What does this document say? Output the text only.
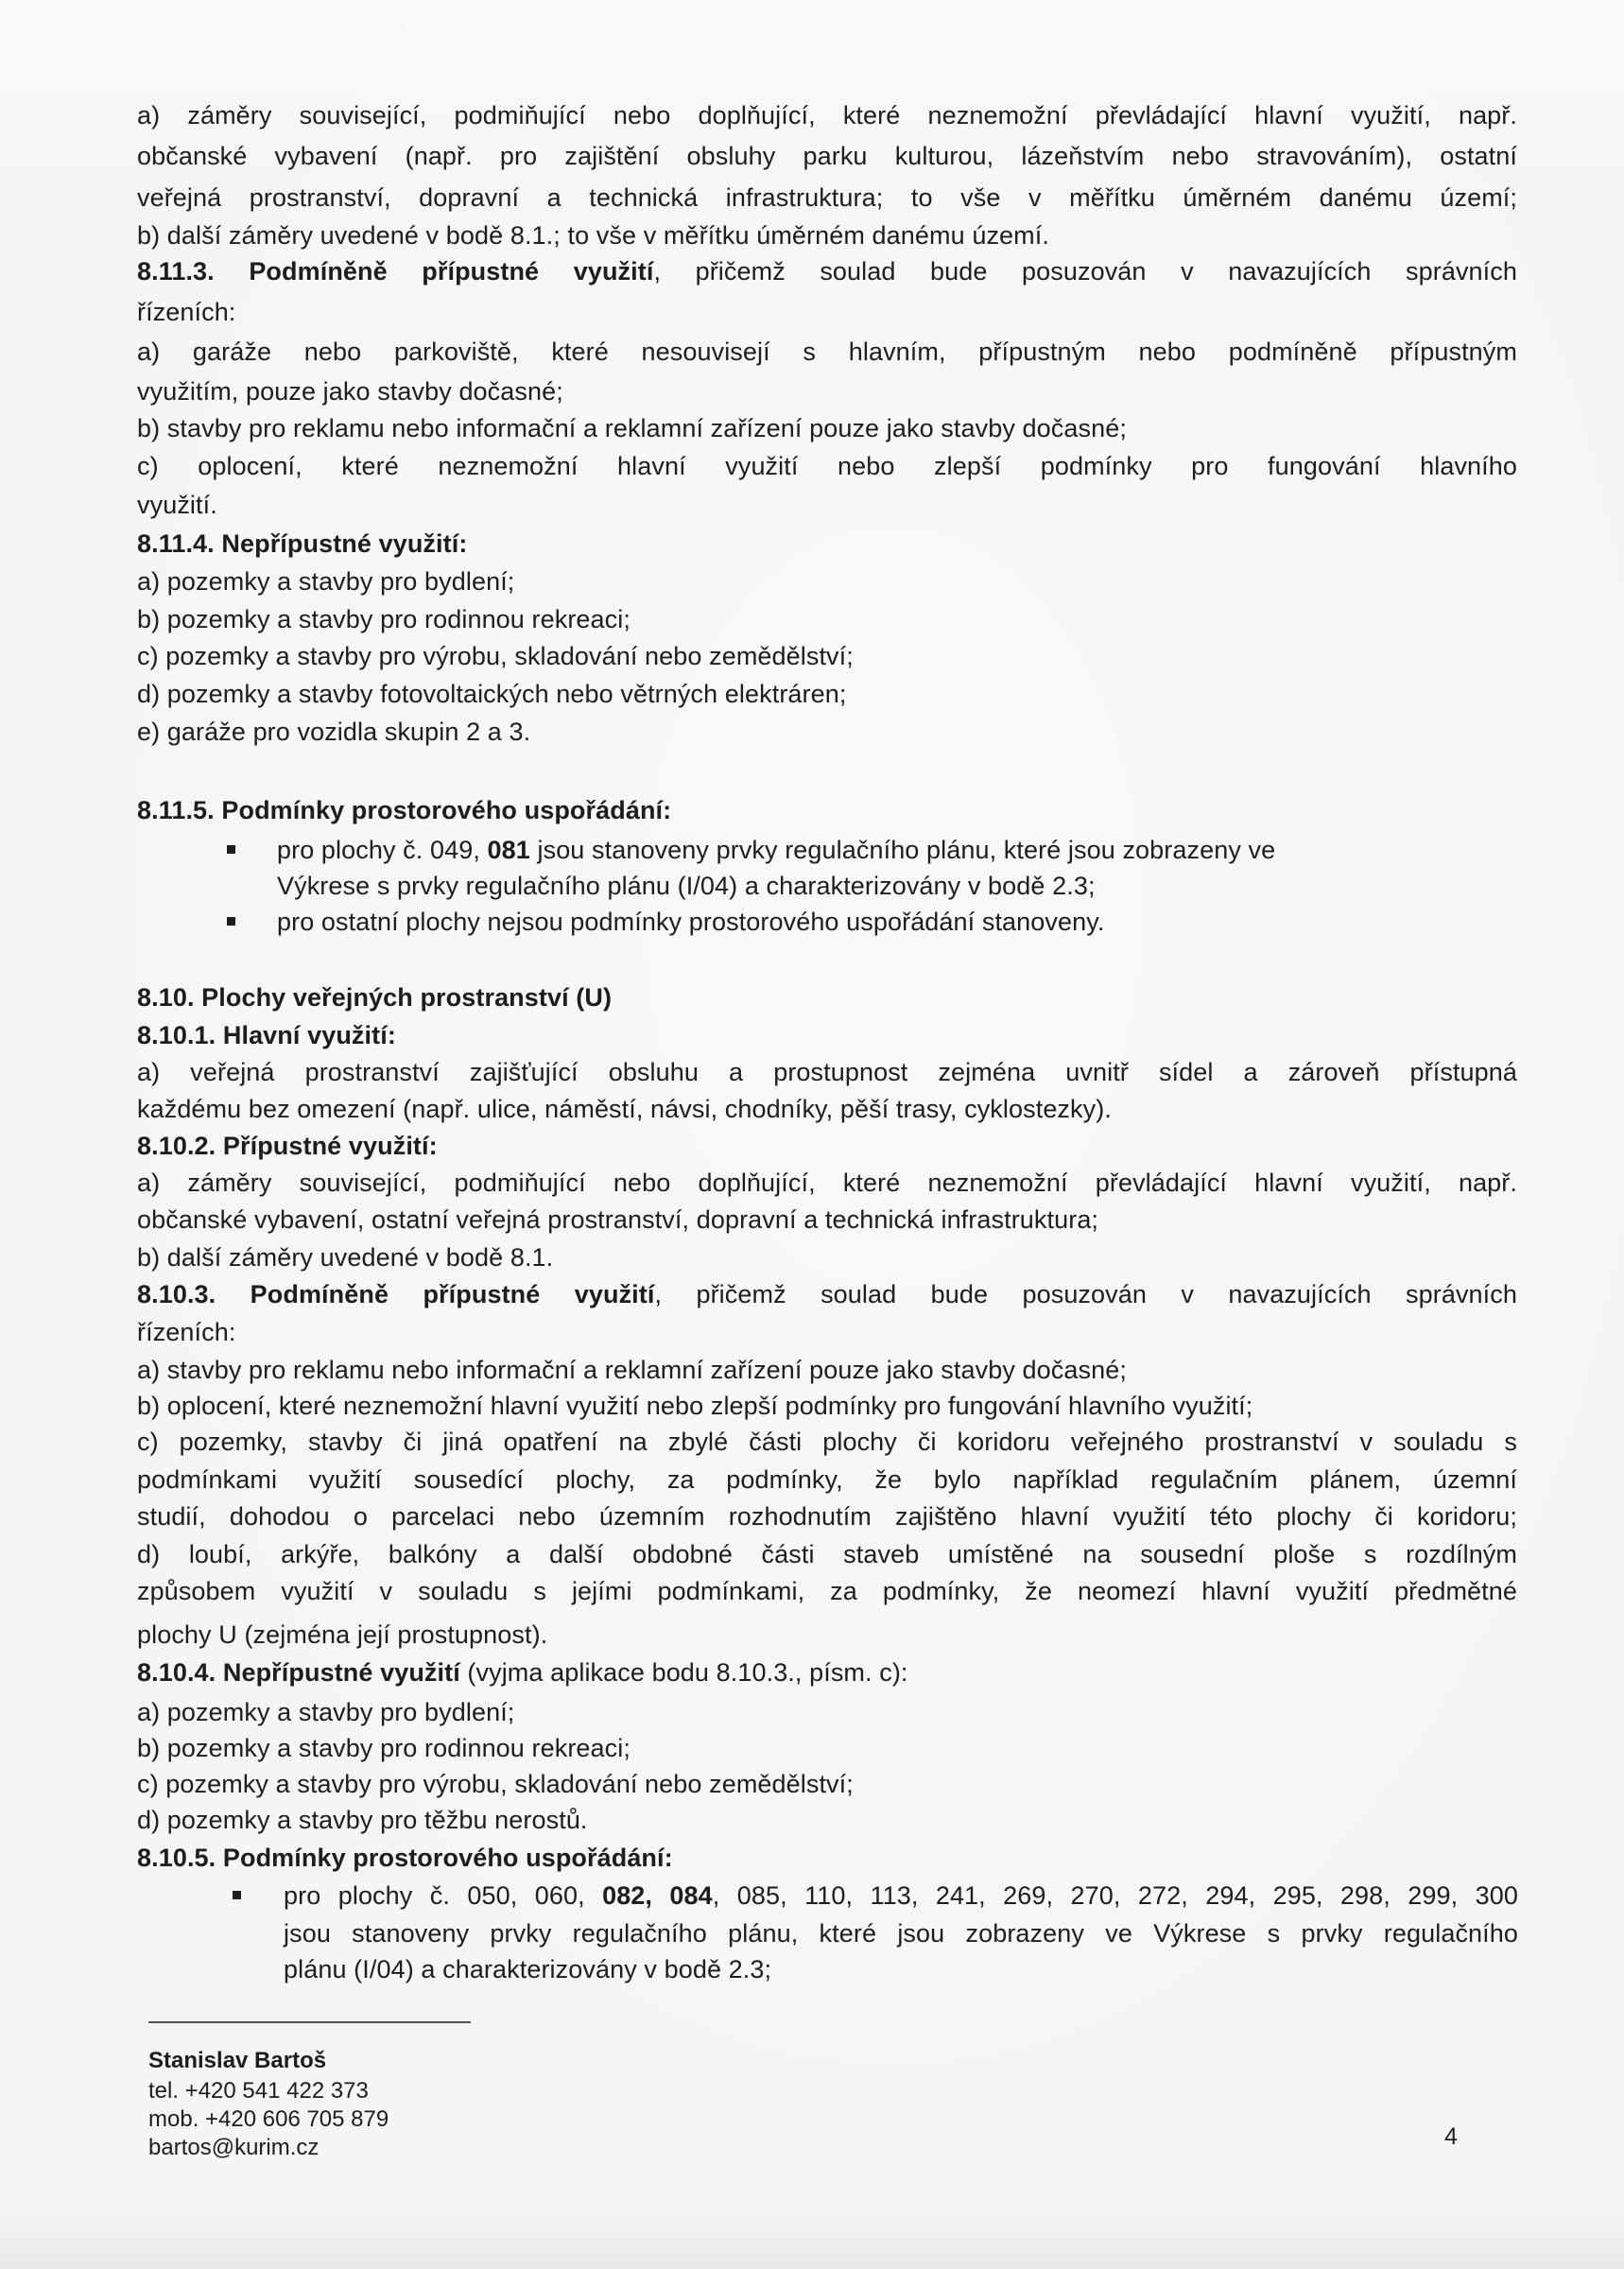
a) záměry související, podmiňující nebo doplňující, které neznemožní převládající hlavní využití, např.
občanské vybavení (např. pro zajištění obsluhy parku kulturou, lázeňstvím nebo stravováním), ostatní
veřejná prostranství, dopravní a technická infrastruktura; to vše v měřítku úměrném danému území;
b) další záměry uvedené v bodě 8.1.; to vše v měřítku úměrném danému území.
8.11.3. Podmíněně přípustné využití, přičemž soulad bude posuzován v navazujících správních
řízeních:
a) garáže nebo parkoviště, které nesouvisejí s hlavním, přípustným nebo podmíněně přípustným
využitím, pouze jako stavby dočasné;
b) stavby pro reklamu nebo informační a reklamní zařízení pouze jako stavby dočasné;
c) oplocení, které neznemožní hlavní využití nebo zlepší podmínky pro fungování hlavního
využití.
8.11.4. Nepřípustné využití:
a) pozemky a stavby pro bydlení;
b) pozemky a stavby pro rodinnou rekreaci;
c) pozemky a stavby pro výrobu, skladování nebo zemědělství;
d) pozemky a stavby fotovoltaických nebo větrných elektráren;
e) garáže pro vozidla skupin 2 a 3.
8.11.5. Podmínky prostorového uspořádání:
pro plochy č. 049, 081 jsou stanoveny prvky regulačního plánu, které jsou zobrazeny ve
Výkrese s prvky regulačního plánu (I/04) a charakterizovány v bodě 2.3;
pro ostatní plochy nejsou podmínky prostorového uspořádání stanoveny.
8.10. Plochy veřejných prostranství (U)
8.10.1. Hlavní využití:
a) veřejná prostranství zajišťující obsluhu a prostupnost zejména uvnitř sídel a zároveň přístupná
každému bez omezení (např. ulice, náměstí, návsi, chodníky, pěší trasy, cyklostezky).
8.10.2. Přípustné využití:
a) záměry související, podmiňující nebo doplňující, které neznemožní převládající hlavní využití, např.
občanské vybavení, ostatní veřejná prostranství, dopravní a technická infrastruktura;
b) další záměry uvedené v bodě 8.1.
8.10.3. Podmíněně přípustné využití, přičemž soulad bude posuzován v navazujících správních
řízeních:
a) stavby pro reklamu nebo informační a reklamní zařízení pouze jako stavby dočasné;
b) oplocení, které neznemožní hlavní využití nebo zlepší podmínky pro fungování hlavního využití;
c) pozemky, stavby či jiná opatření na zbylé části plochy či koridoru veřejného prostranství v souladu s
podmínkami využití sousedící plochy, za podmínky, že bylo například regulačním plánem, územní
studií, dohodou o parcelaci nebo územním rozhodnutím zajištěno hlavní využití této plochy či koridoru;
d) loubí, arkýře, balkóny a další obdobné části staveb umístěné na sousední ploše s rozdílným
způsobem využití v souladu s jejími podmínkami, za podmínky, že neomezí hlavní využití předmětné
plochy U (zejména její prostupnost).
8.10.4. Nepřípustné využití (vyjma aplikace bodu 8.10.3., písm. c):
a) pozemky a stavby pro bydlení;
b) pozemky a stavby pro rodinnou rekreaci;
c) pozemky a stavby pro výrobu, skladování nebo zemědělství;
d) pozemky a stavby pro těžbu nerostů.
8.10.5. Podmínky prostorového uspořádání:
pro plochy č. 050, 060, 082, 084, 085, 110, 113, 241, 269, 270, 272, 294, 295, 298, 299, 300
jsou stanoveny prvky regulačního plánu, které jsou zobrazeny ve Výkrese s prvky regulačního
plánu (I/04) a charakterizovány v bodě 2.3;
Stanislav Bartoš
tel. +420 541 422 373
mob. +420 606 705 879
bartos@kurim.cz	4
